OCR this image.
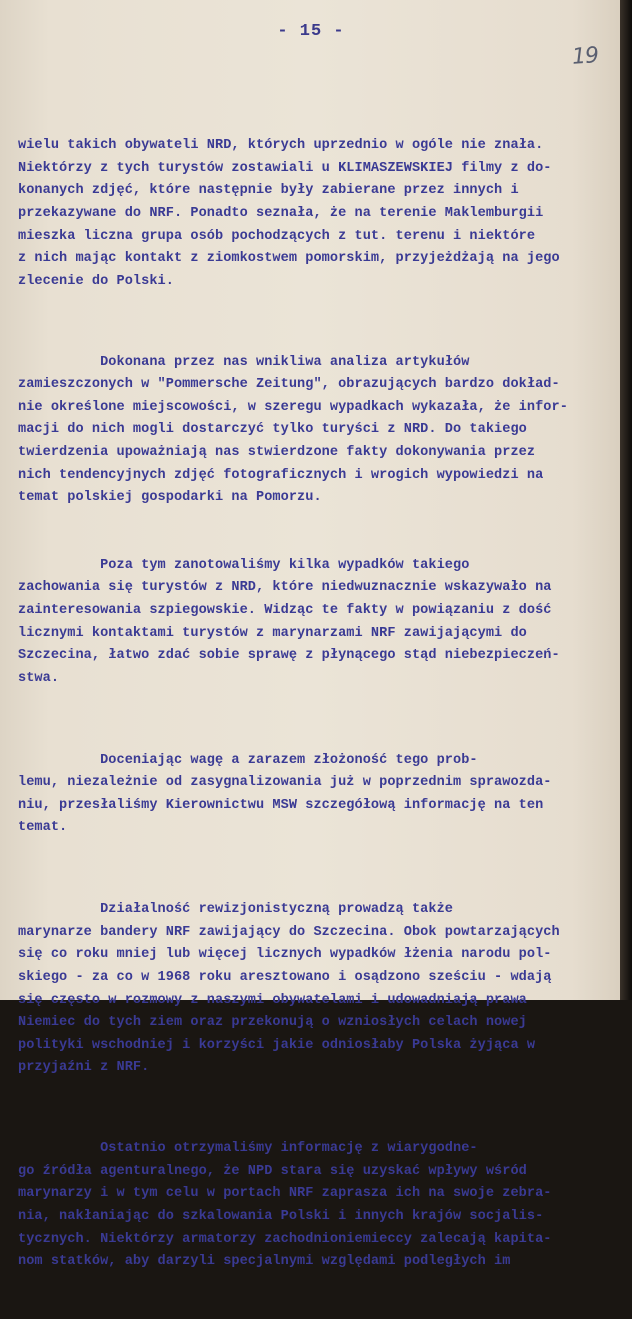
- 15 -
19

wielu takich obywateli NRD, których uprzednio w ogóle nie znała.
Niektórzy z tych turystów zostawiali u KLIMASZEWSKIEJ filmy z do-
konanych zdjęć, które następnie były zabierane przez innych i
przekazywane do NRF. Ponadto seznała, że na terenie Maklemburgii
mieszka liczna grupa osób pochodzących z tut. terenu i niektóre
z nich mając kontakt z ziomkostwem pomorskim, przyjeżdżają na jego
zlecenie do Polski.

Dokonana przez nas wnikliwa analiza artykułów
zamieszczonych w "Pommersche Zeitung", obrazujących bardzo dokład-
nie określone miejscowości, w szeregu wypadkach wykazała, że infor-
macji do nich mogli dostarczyć tylko turyści z NRD. Do takiego
twierdzenia upoważniają nas stwierdzone fakty dokonywania przez
nich tendencyjnych zdjęć fotograficznych i wrogich wypowiedzi na
temat polskiej gospodarki na Pomorzu.

Poza tym zanotowaliśmy kilka wypadków takiego
zachowania się turystów z NRD, które niedwuznacznie wskazywało na
zainteresowania szpiegowskie. Widząc te fakty w powiązaniu z dość
licznymi kontaktami turystów z marynarzami NRF zawijającymi do
Szczecina, łatwo zdać sobie sprawę z płynącego stąd niebezpieczeń-
stwa.

Doceniając wagę a zarazem złożoność tego prob-
lemu, niezależnie od zasygnalizowania już w poprzednim sprawozda-
niu, przesłaliśmy Kierownictwu MSW szczegółową informację na ten
temat.

Działalność rewizjonistyczną prowadzą także
marynarze bandery NRF zawijający do Szczecina. Obok powtarzających
się co roku mniej lub więcej licznych wypadków łżenia narodu pol-
skiego - za co w 1968 roku aresztowano i osądzono sześciu - wdają
się często w rozmowy z naszymi obywatelami i udowadniają prawa
Niemiec do tych ziem oraz przekonują o wzniosłych celach nowej
polityki wschodniej i korzyści jakie odniosłaby Polska żyjąca w
przyjaźni z NRF.

Ostatnio otrzymaliśmy informację z wiarygodne-
go źródła agenturalnego, że NPD stara się uzyskać wpływy wśród
marynarzy i w tym celu w portach NRF zaprasza ich na swoje zebra-
nia, nakłaniając do szkalowania Polski i innych krajów socjalis-
tycznych. Niektórzy armatorzy zachodnioniemieccy zalecają kapita-
nom statków, aby darzyli specjalnymi względami podległych im
